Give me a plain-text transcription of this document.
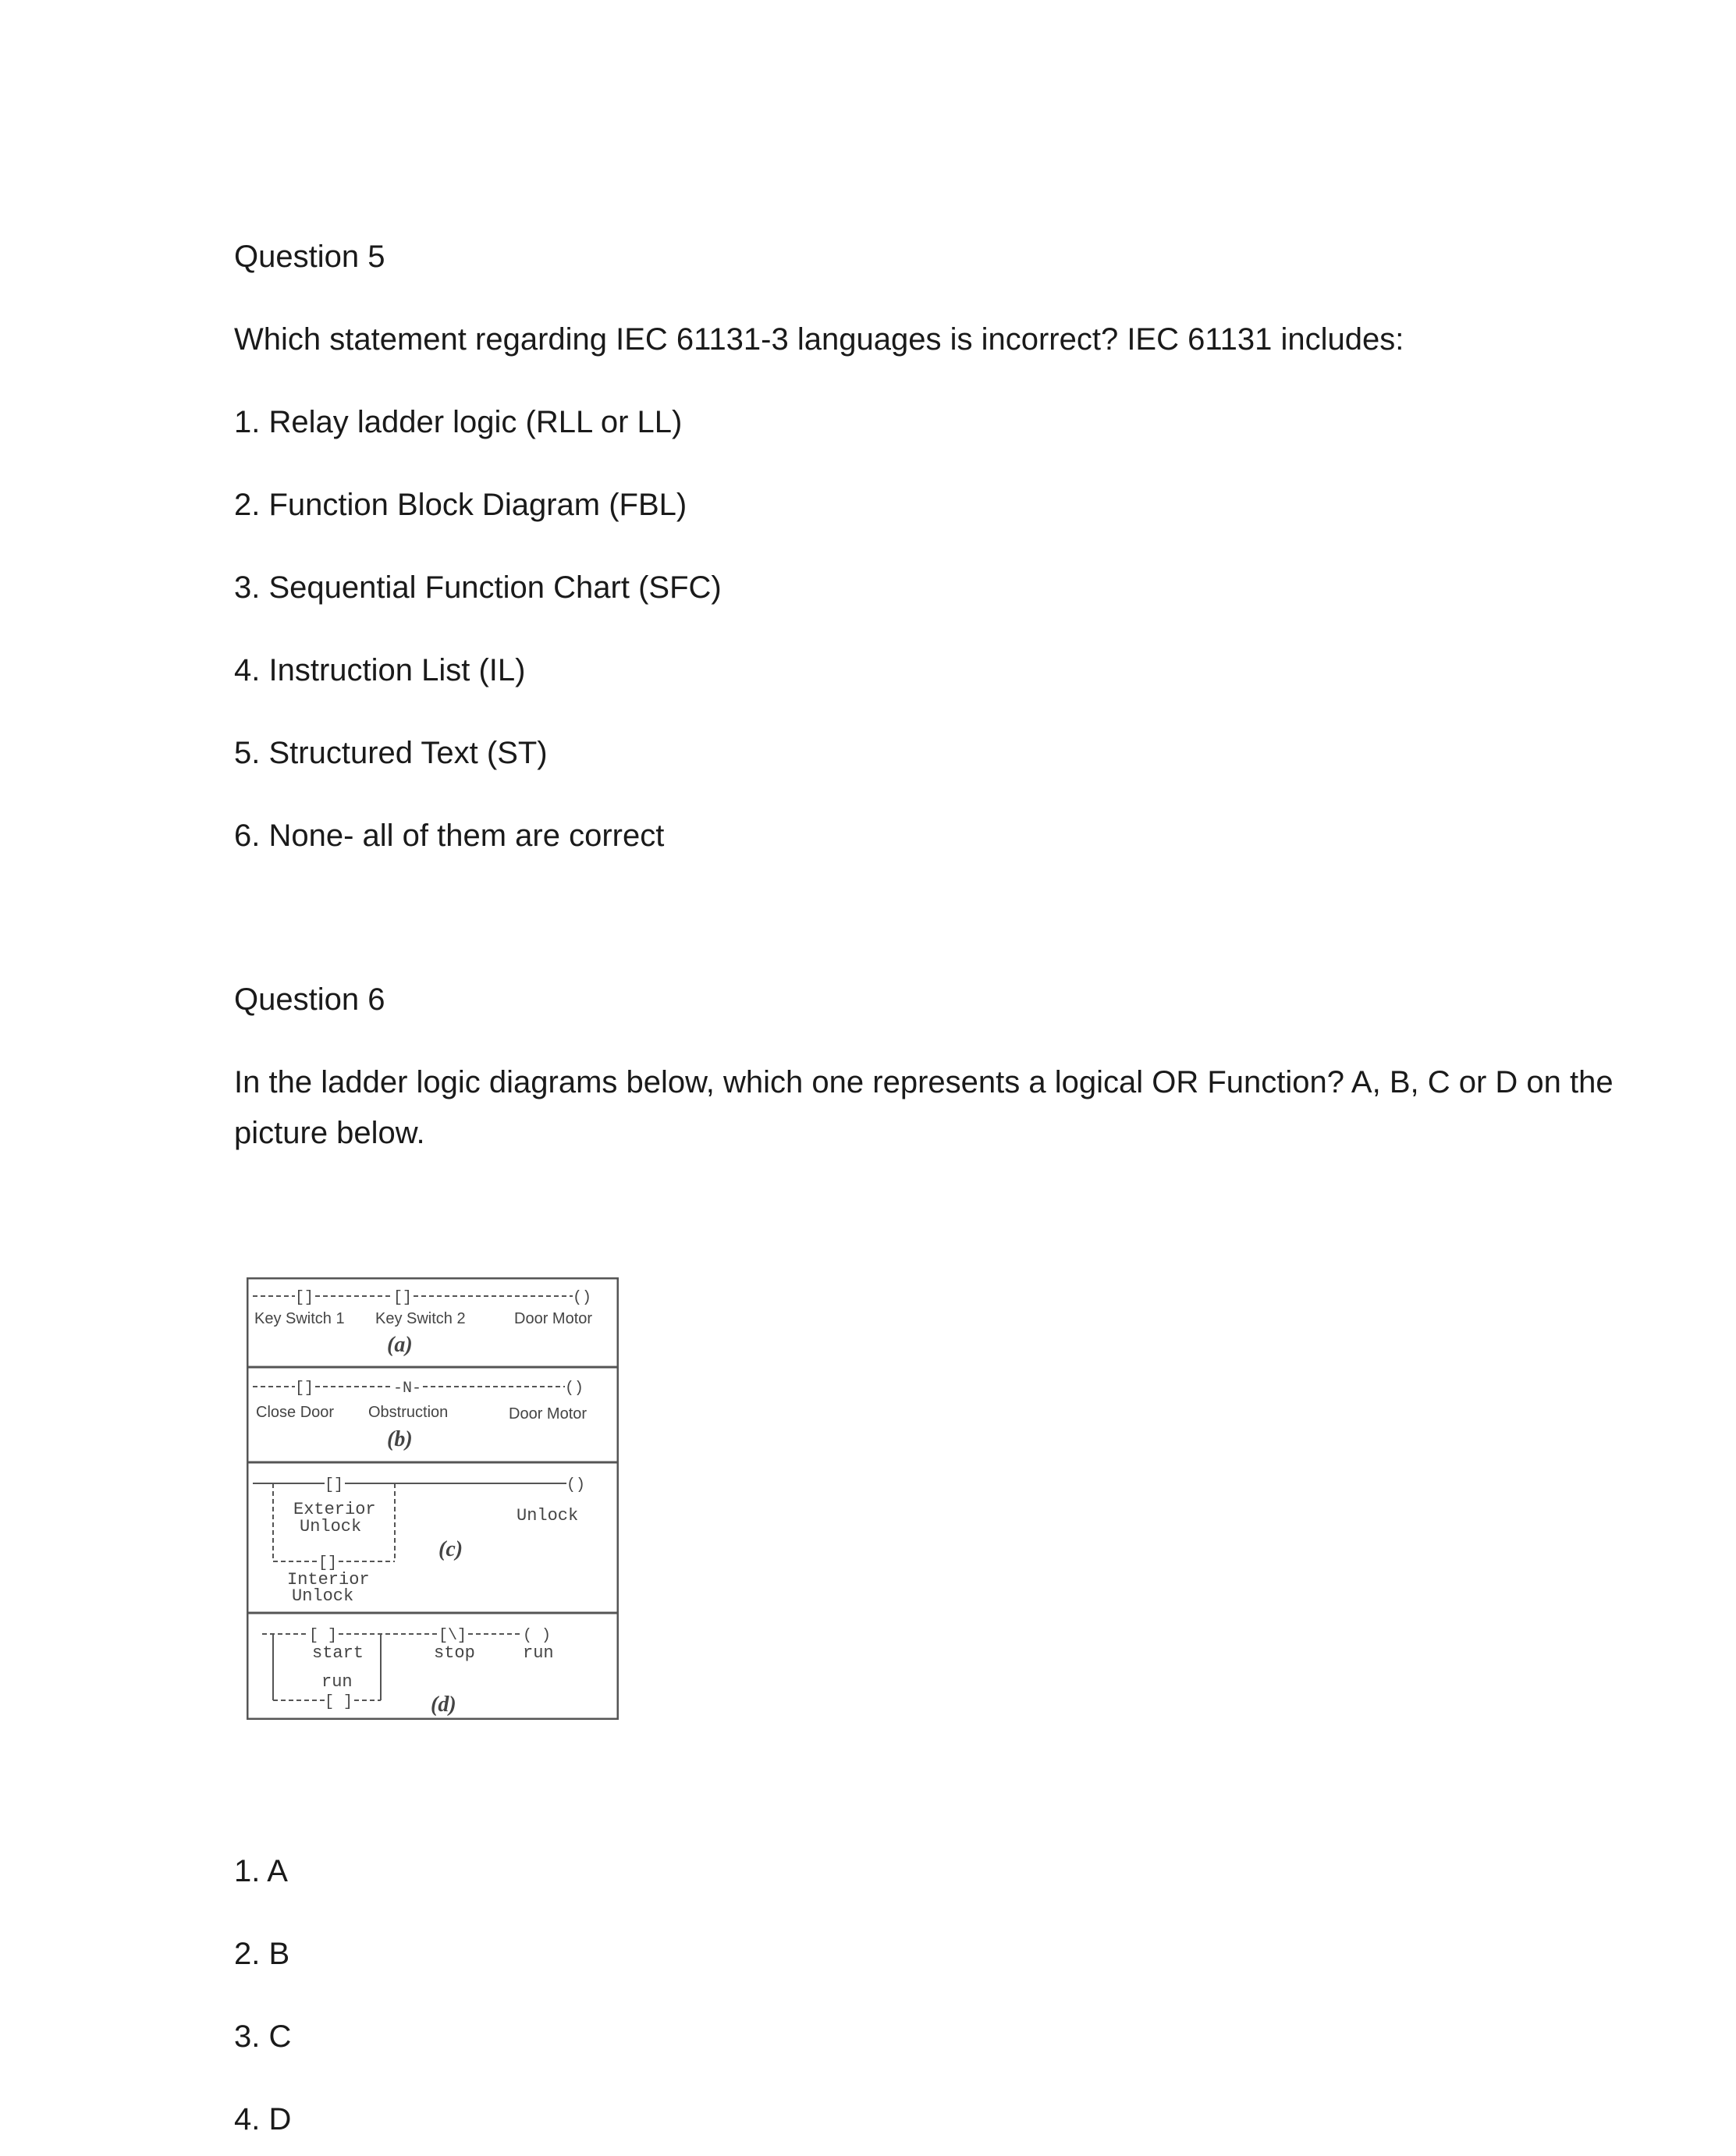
Question 5
Which statement regarding IEC 61131-3 languages is incorrect? IEC 61131 includes:
1. Relay ladder logic (RLL or LL)
2. Function Block Diagram (FBL)
3. Sequential Function Chart (SFC)
4. Instruction List (IL)
5. Structured Text (ST)
6. None- all of them are correct
Question 6
In the ladder logic diagrams below, which one represents a logical OR Function? A, B, C or D on the picture below.
[]	[]	()
Key Switch 1 Key Switch 2	Door Motor
(a)
[]	-N-	()
Close Door Obstruction	Door Motor
(b)
[]	()
[]
Exterior
Unlock
Interior
Unlock
Unlock
(c)
[ ]	[\]	( )
[ ]
start
run
stop	run
(d)
1. A
2. B
3. C
4. D
